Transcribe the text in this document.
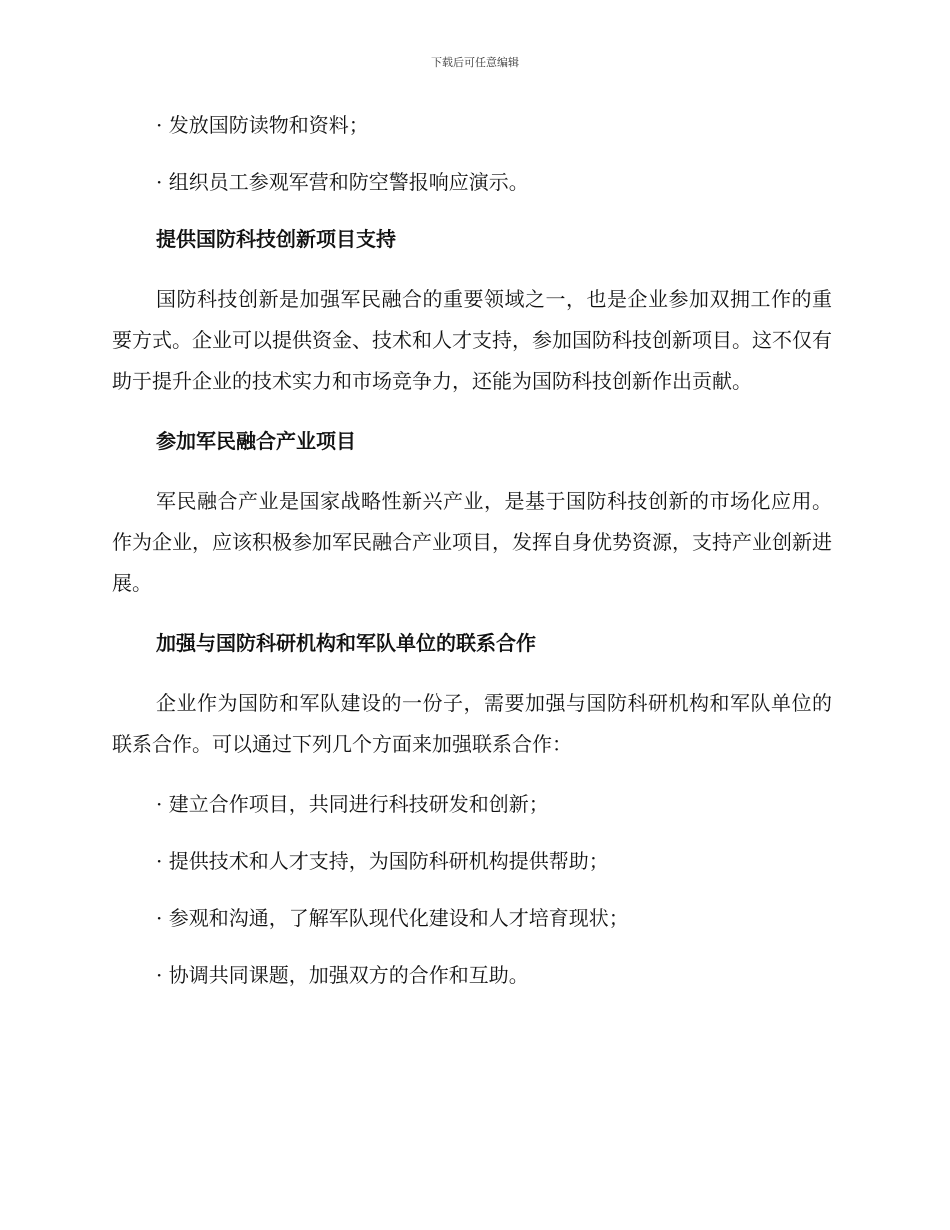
下载后可任意编辑
· 发放国防读物和资料；
· 组织员工参观军营和防空警报响应演示。
提供国防科技创新项目支持
国防科技创新是加强军民融合的重要领域之一，也是企业参加双拥工作的重要方式。企业可以提供资金、技术和人才支持，参加国防科技创新项目。这不仅有助于提升企业的技术实力和市场竞争力，还能为国防科技创新作出贡献。
参加军民融合产业项目
军民融合产业是国家战略性新兴产业，是基于国防科技创新的市场化应用。作为企业，应该积极参加军民融合产业项目，发挥自身优势资源，支持产业创新进展。
加强与国防科研机构和军队单位的联系合作
企业作为国防和军队建设的一份子，需要加强与国防科研机构和军队单位的联系合作。可以通过下列几个方面来加强联系合作：
· 建立合作项目，共同进行科技研发和创新；
· 提供技术和人才支持，为国防科研机构提供帮助；
· 参观和沟通，了解军队现代化建设和人才培育现状；
· 协调共同课题，加强双方的合作和互助。
